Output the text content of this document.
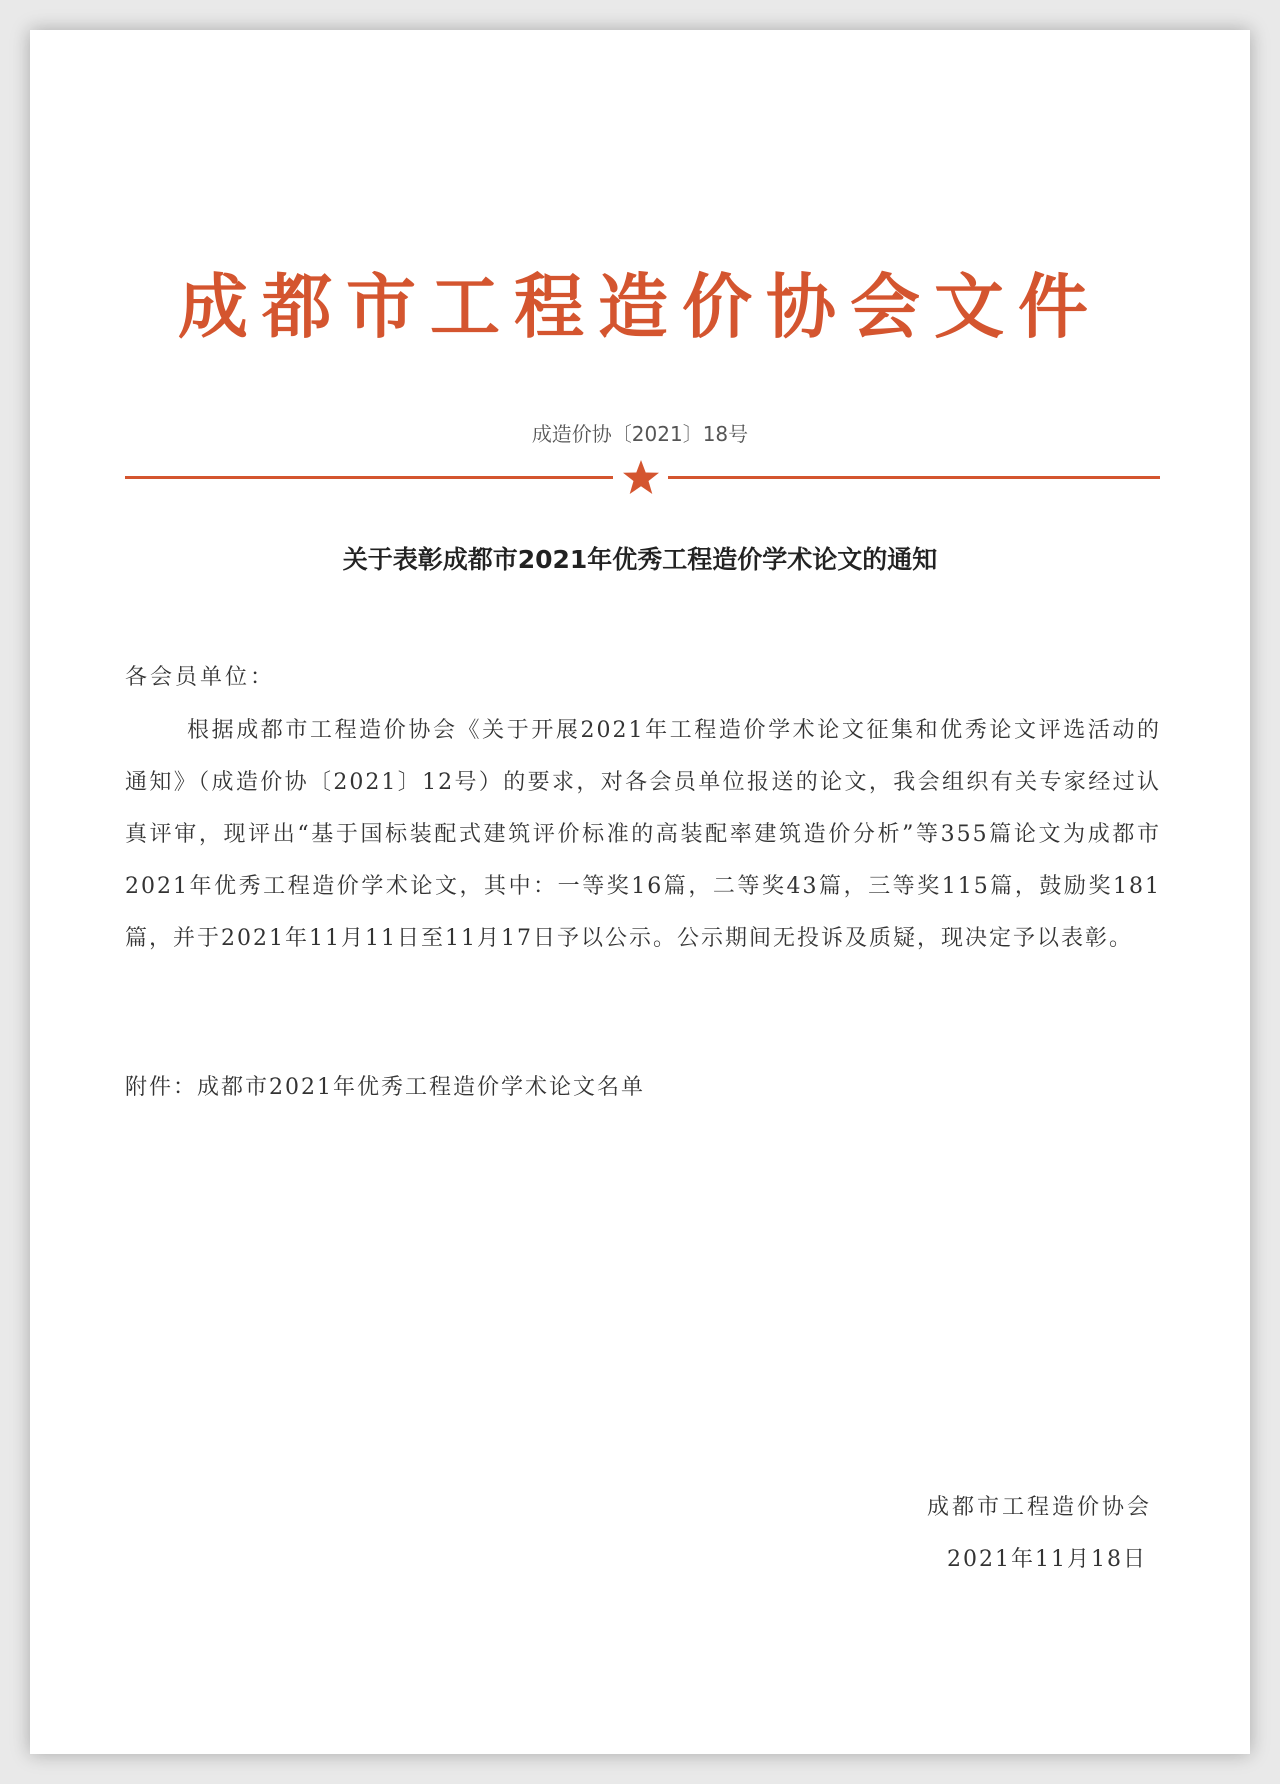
成都市工程造价协会文件
成造价协〔2021〕18号
关于表彰成都市2021年优秀工程造价学术论文的通知
各会员单位：

根据成都市工程造价协会《关于开展2021年工程造价学术论文征集和优秀论文评选活动的通知》（成造价协〔2021〕12号）的要求，对各会员单位报送的论文，我会组织有关专家经过认真评审，现评出“基于国标装配式建筑评价标准的高装配率建筑造价分析”等355篇论文为成都市2021年优秀工程造价学术论文，其中：一等奖16篇，二等奖43篇，三等奖115篇，鼓励奖181篇，并于2021年11月11日至11月17日予以公示。公示期间无投诉及质疑，现决定予以表彰。

附件：成都市2021年优秀工程造价学术论文名单
成都市工程造价协会
2021年11月18日
